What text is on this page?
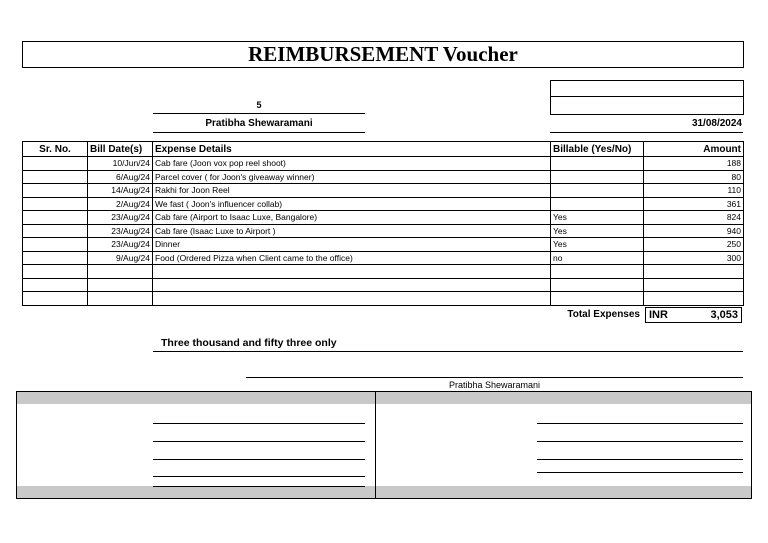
REIMBURSEMENT Voucher
5
Pratibha Shewaramani	31/08/2024
Sr. No.	Bill Date(s)	Expense Details	Billable (Yes/No)	Amount
	10/Jun/24	Cab fare (Joon vox pop reel shoot)		188
	6/Aug/24	Parcel cover ( for Joon's giveaway winner)		80
	14/Aug/24	Rakhi for Joon Reel		110
	2/Aug/24	We fast ( Joon's influencer collab)		361
	23/Aug/24	Cab fare (Airport to Isaac Luxe, Bangalore)	Yes	824
	23/Aug/24	Cab fare (Isaac Luxe to Airport )	Yes	940
	23/Aug/24	Dinner	Yes	250
	9/Aug/24	Food (Ordered Pizza when Client came to the office)	no	300

Total Expenses INR	3,053
Three thousand and fifty three only
Pratibha Shewaramani
